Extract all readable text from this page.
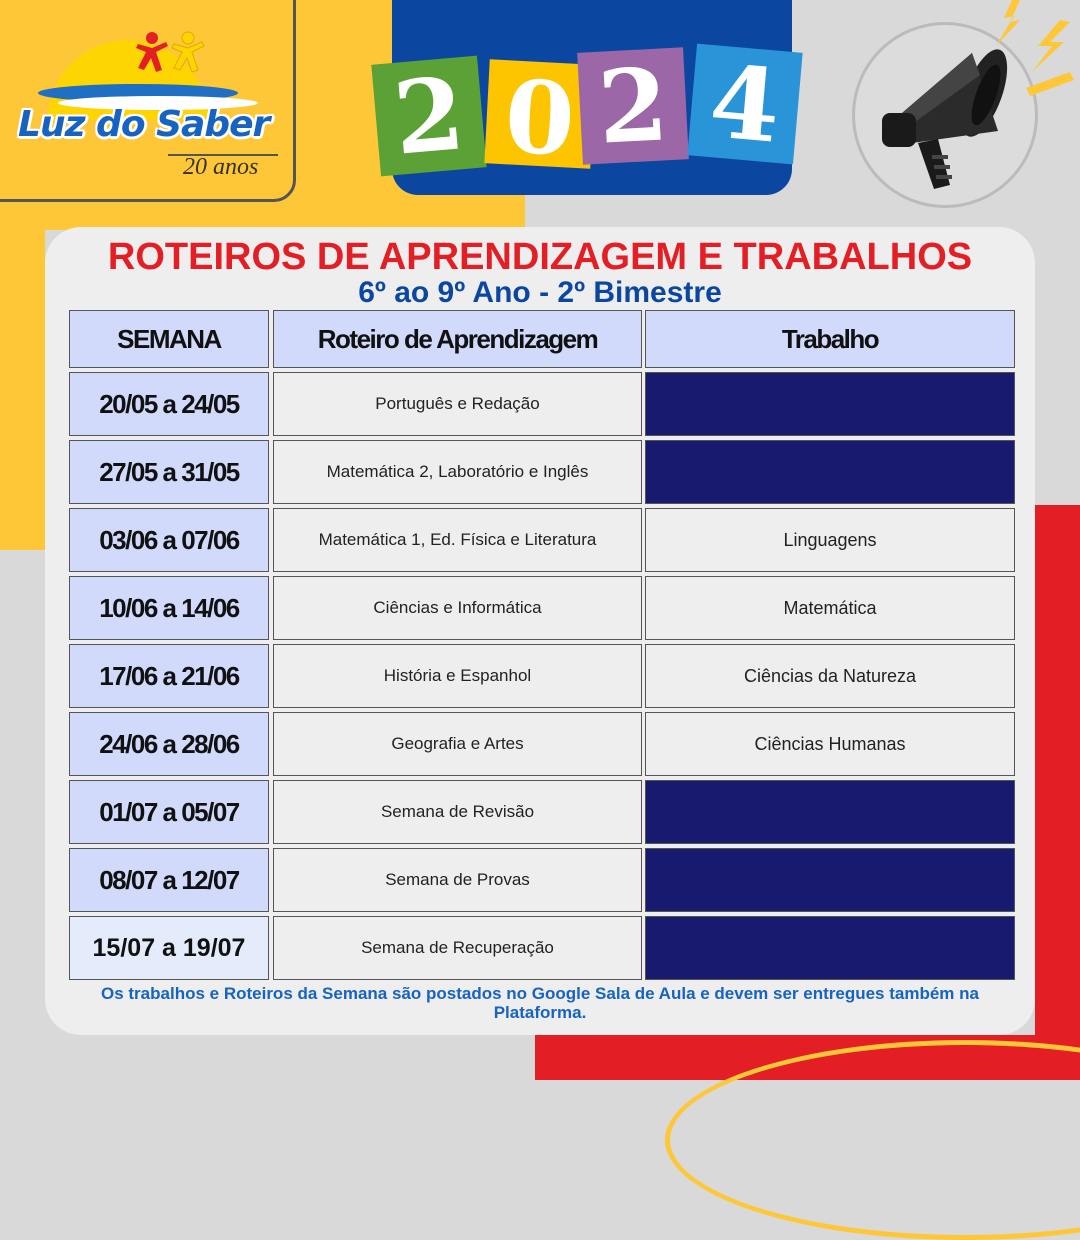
Luz do Saber
20 anos 2 0 2 4
ROTEIROS DE APRENDIZAGEM E TRABALHOS
6º ao 9º Ano - 2º Bimestre
SEMANA	Roteiro de Aprendizagem	Trabalho
20/05 a 24/05	Português e Redação
27/05 a 31/05	Matemática 2, Laboratório e Inglês
03/06 a 07/06	Matemática 1, Ed. Física e Literatura	Linguagens
10/06 a 14/06	Ciências e Informática	Matemática
17/06 a 21/06	História e Espanhol	Ciências da Natureza
24/06 a 28/06	Geografia e Artes	Ciências Humanas
01/07 a 05/07	Semana de Revisão
08/07 a 12/07	Semana de Provas
15/07 a 19/07	Semana de Recuperação
Os trabalhos e Roteiros da Semana são postados no Google Sala de Aula e devem ser entregues também na Plataforma.
